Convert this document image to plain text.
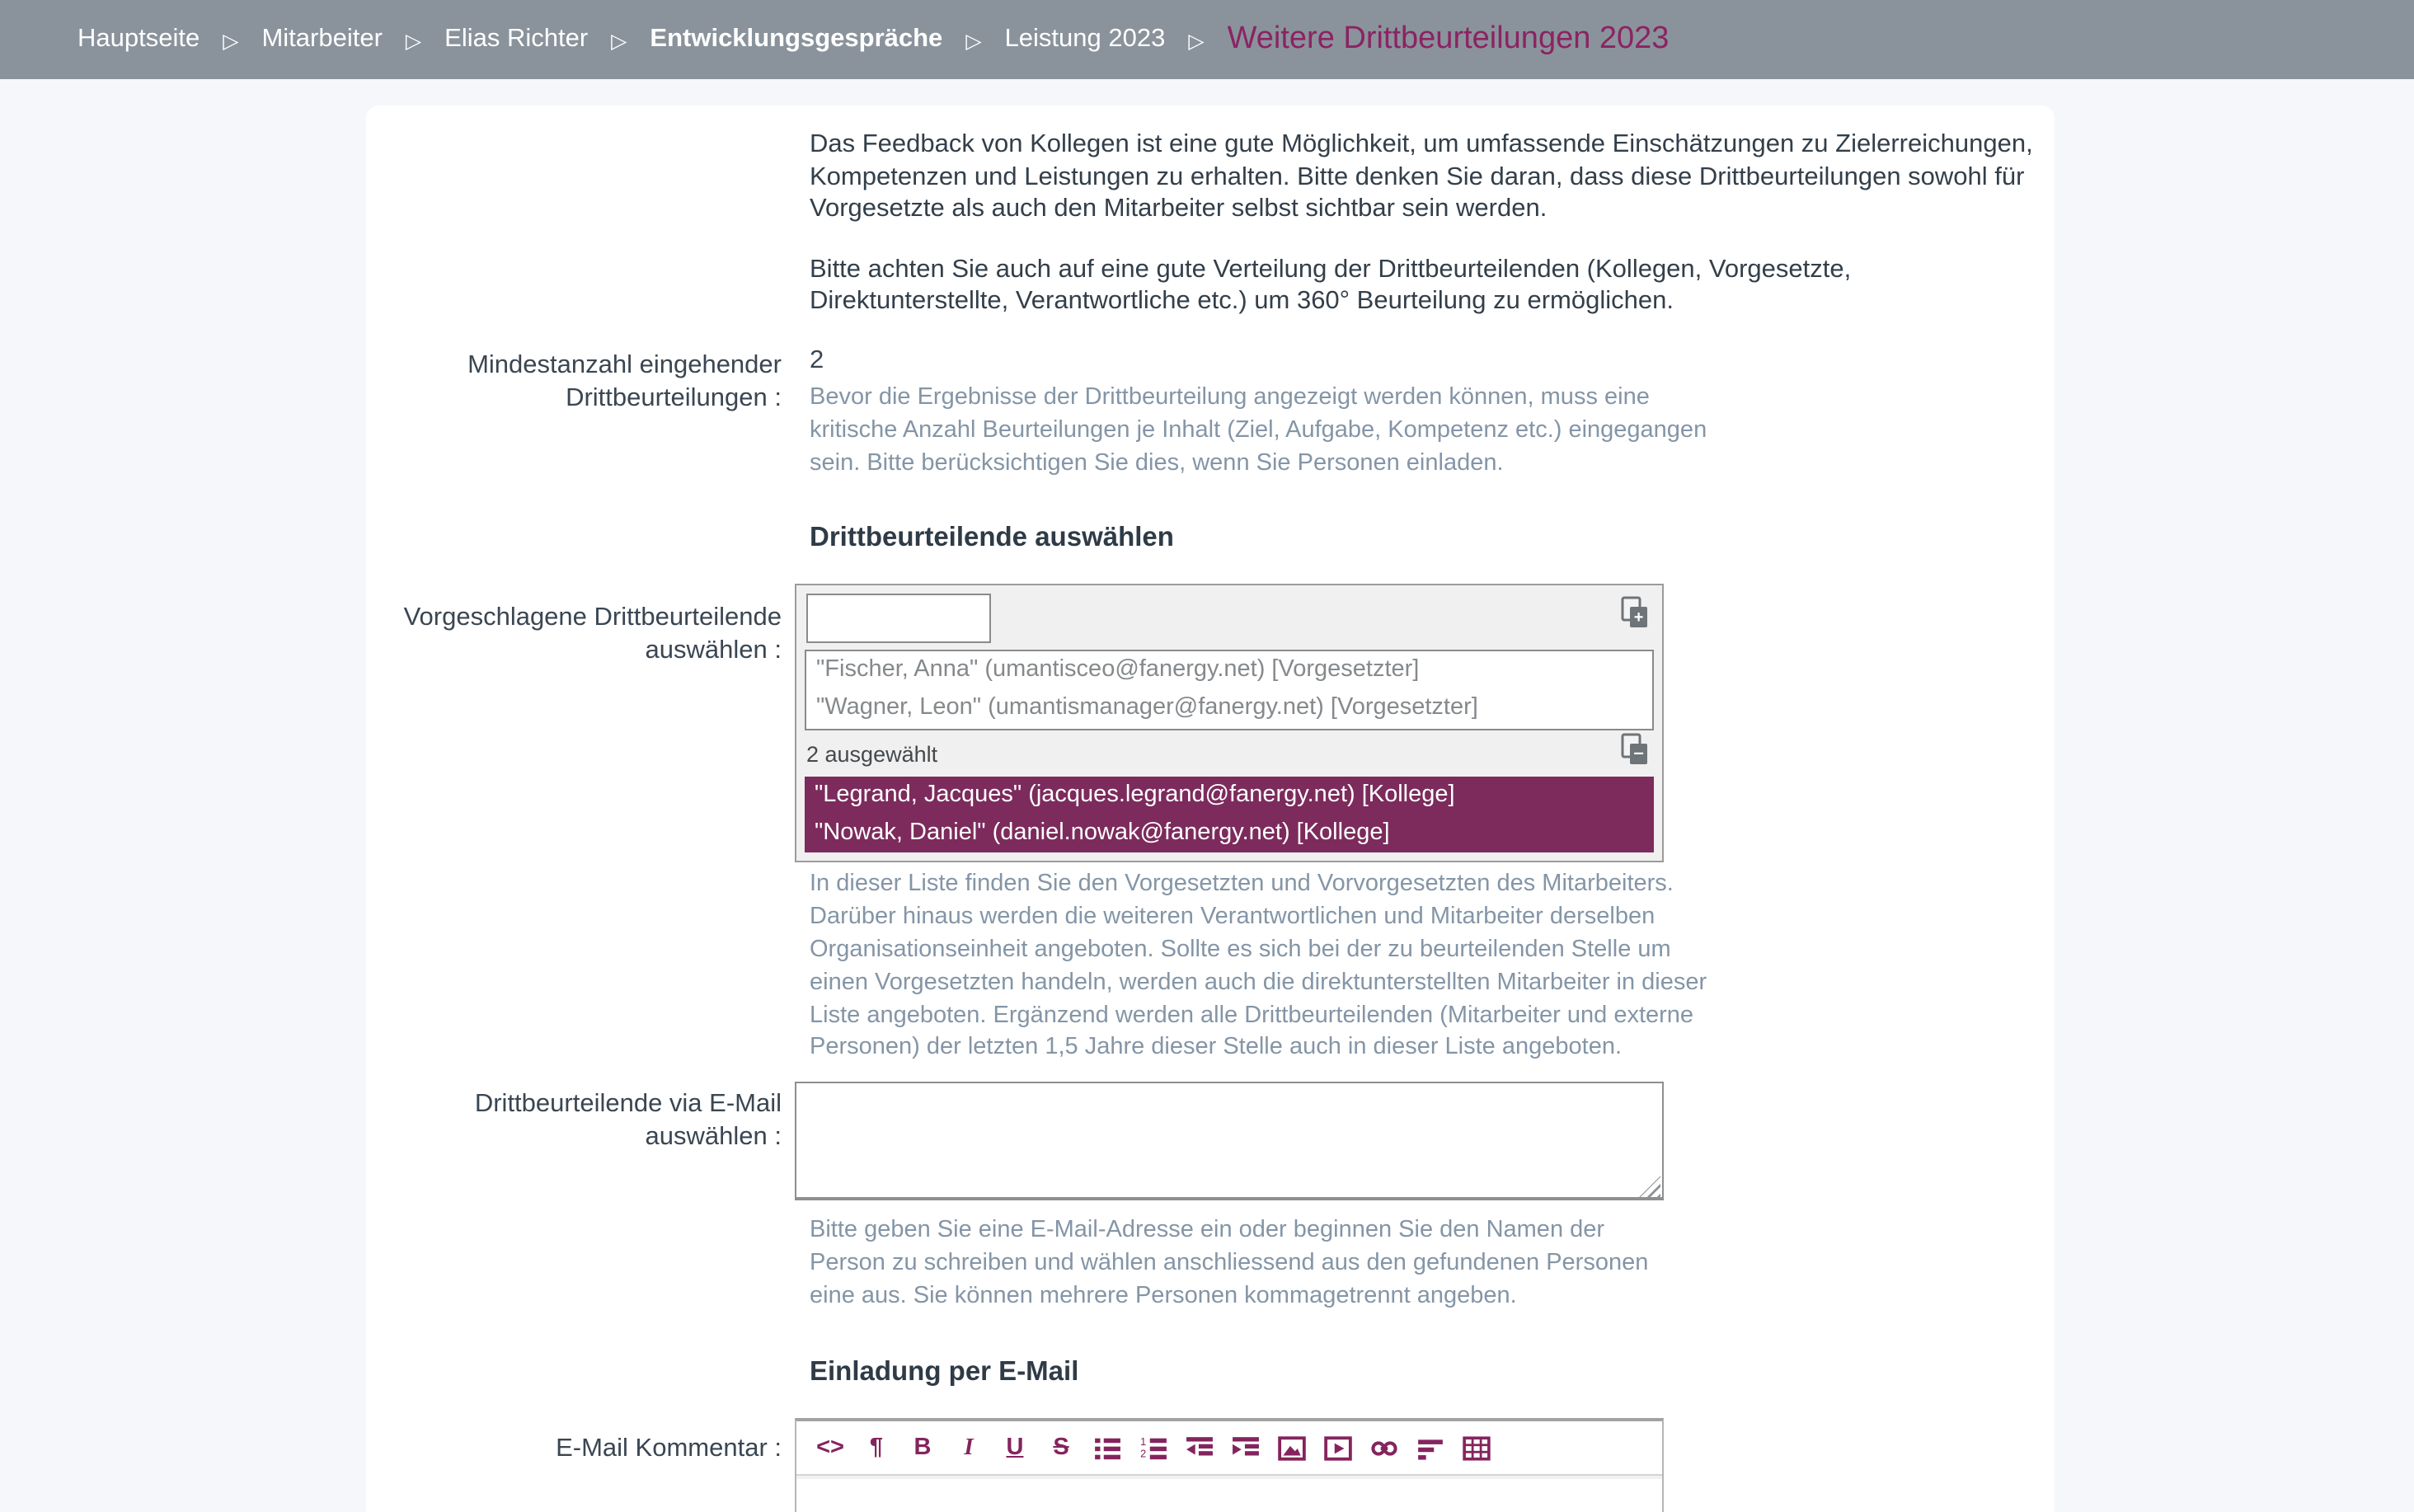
Hauptseite ▷ Mitarbeiter ▷ Elias Richter ▷ Entwicklungsgespräche ▷ Leistung 2023 ▷ Weitere Drittbeurteilungen 2023

Das Feedback von Kollegen ist eine gute Möglichkeit, um umfassende Einschätzungen zu Zielerreichungen, Kompetenzen und Leistungen zu erhalten. Bitte denken Sie daran, dass diese Drittbeurteilungen sowohl für Vorgesetzte als auch den Mitarbeiter selbst sichtbar sein werden.

Bitte achten Sie auch auf eine gute Verteilung der Drittbeurteilenden (Kollegen, Vorgesetzte, Direktunterstellte, Verantwortliche etc.) um 360° Beurteilung zu ermöglichen.

Mindestanzahl eingehender Drittbeurteilungen :
2
Bevor die Ergebnisse der Drittbeurteilung angezeigt werden können, muss eine kritische Anzahl Beurteilungen je Inhalt (Ziel, Aufgabe, Kompetenz etc.) eingegangen sein. Bitte berücksichtigen Sie dies, wenn Sie Personen einladen.
Drittbeurteilende auswählen
Vorgeschlagene Drittbeurteilende auswählen :
+
"Fischer, Anna" (umantisceo@fanergy.net) [Vorgesetzter]
"Wagner, Leon" (umantismanager@fanergy.net) [Vorgesetzter]
2 ausgewählt	–
"Legrand, Jacques" (jacques.legrand@fanergy.net) [Kollege]
"Nowak, Daniel" (daniel.nowak@fanergy.net) [Kollege]
In dieser Liste finden Sie den Vorgesetzten und Vorvorgesetzten des Mitarbeiters. Darüber hinaus werden die weiteren Verantwortlichen und Mitarbeiter derselben Organisationseinheit angeboten. Sollte es sich bei der zu beurteilenden Stelle um einen Vorgesetzten handeln, werden auch die direktunterstellten Mitarbeiter in dieser Liste angeboten. Ergänzend werden alle Drittbeurteilenden (Mitarbeiter und externe Personen) der letzten 1,5 Jahre dieser Stelle auch in dieser Liste angeboten.
Drittbeurteilende via E-Mail auswählen :
Bitte geben Sie eine E-Mail-Adresse ein oder beginnen Sie den Namen der Person zu schreiben und wählen anschliessend aus den gefundenen Personen eine aus. Sie können mehrere Personen kommagetrennt angeben.
Einladung per E-Mail
E-Mail Kommentar :	<> ¶	B	I	U S	1
2
